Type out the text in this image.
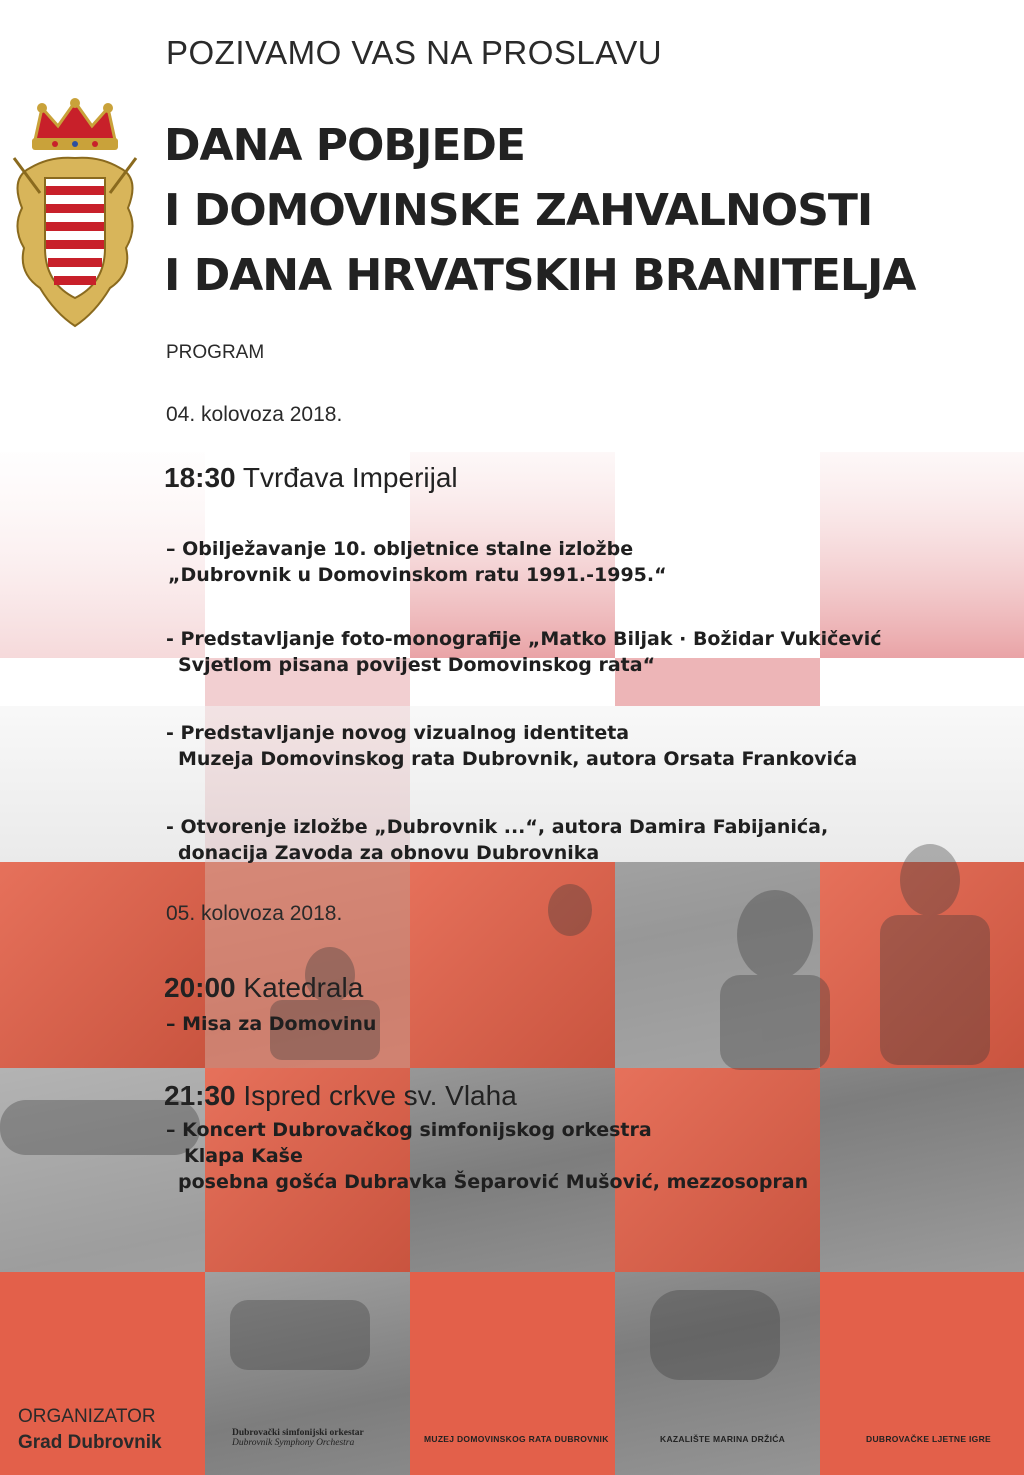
POZIVAMO VAS NA PROSLAVU
DANA POBJEDE
I DOMOVINSKE ZAHVALNOSTI
I DANA HRVATSKIH BRANITELJA
PROGRAM
04. kolovoza 2018.
18:30 Tvrđava Imperijal
– Obilježavanje 10. obljetnice stalne izložbe
„Dubrovnik u Domovinskom ratu 1991.-1995.“
- Predstavljanje foto-monografije „Matko Biljak · Božidar Vukičević
Svjetlom pisana povijest Domovinskog rata“
- Predstavljanje novog vizualnog identiteta
Muzeja Domovinskog rata Dubrovnik, autora Orsata Frankovića
- Otvorenje izložbe „Dubrovnik ...“, autora Damira Fabijanića,
donacija Zavoda za obnovu Dubrovnika
05. kolovoza 2018.
20:00 Katedrala
– Misa za Domovinu
21:30 Ispred crkve sv. Vlaha
– Koncert Dubrovačkog simfonijskog orkestra
Klapa Kaše
posebna gošća Dubravka Šeparović Mušović, mezzosopran
ORGANIZATOR
Grad Dubrovnik	Dubrovački simfonijski orkestar
Dubrovnik Symphony Orchestra	MUZEJ DOMOVINSKOG RATA DUBROVNIK	KAZALIŠTE MARINA DRŽIĆA	DUBROVAČKE LJETNE IGRE
